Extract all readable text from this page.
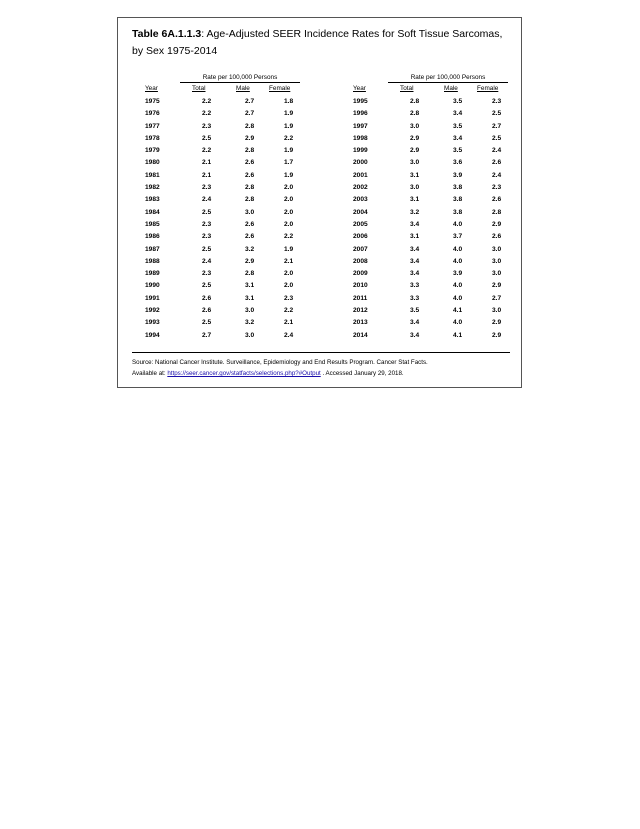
Table 6A.1.1.3: Age-Adjusted SEER Incidence Rates for Soft Tissue Sarcomas, by Sex 1975-2014
Rate per 100,000 Persons
Year	Total	Male	Female
1975	2.2	2.7	1.8
1976	2.2	2.7	1.9
1977	2.3	2.8	1.9
1978	2.5	2.9	2.2
1979	2.2	2.8	1.9
1980	2.1	2.6	1.7
1981	2.1	2.6	1.9
1982	2.3	2.8	2.0
1983	2.4	2.8	2.0
1984	2.5	3.0	2.0
1985	2.3	2.6	2.0
1986	2.3	2.6	2.2
1987	2.5	3.2	1.9
1988	2.4	2.9	2.1
1989	2.3	2.8	2.0
1990	2.5	3.1	2.0
1991	2.6	3.1	2.3
1992	2.6	3.0	2.2
1993	2.5	3.2	2.1
1994	2.7	3.0	2.4
Rate per 100,000 Persons
Year	Total	Male	Female
1995	2.8	3.5	2.3
1996	2.8	3.4	2.5
1997	3.0	3.5	2.7
1998	2.9	3.4	2.5
1999	2.9	3.5	2.4
2000	3.0	3.6	2.6
2001	3.1	3.9	2.4
2002	3.0	3.8	2.3
2003	3.1	3.8	2.6
2004	3.2	3.8	2.8
2005	3.4	4.0	2.9
2006	3.1	3.7	2.6
2007	3.4	4.0	3.0
2008	3.4	4.0	3.0
2009	3.4	3.9	3.0
2010	3.3	4.0	2.9
2011	3.3	4.0	2.7
2012	3.5	4.1	3.0
2013	3.4	4.0	2.9
2014	3.4	4.1	2.9
Source: National Cancer Institute. Surveillance, Epidemiology and End Results Program. Cancer Stat Facts.
Available at: https://seer.cancer.gov/statfacts/selections.php?#Output . Accessed January 29, 2018.
